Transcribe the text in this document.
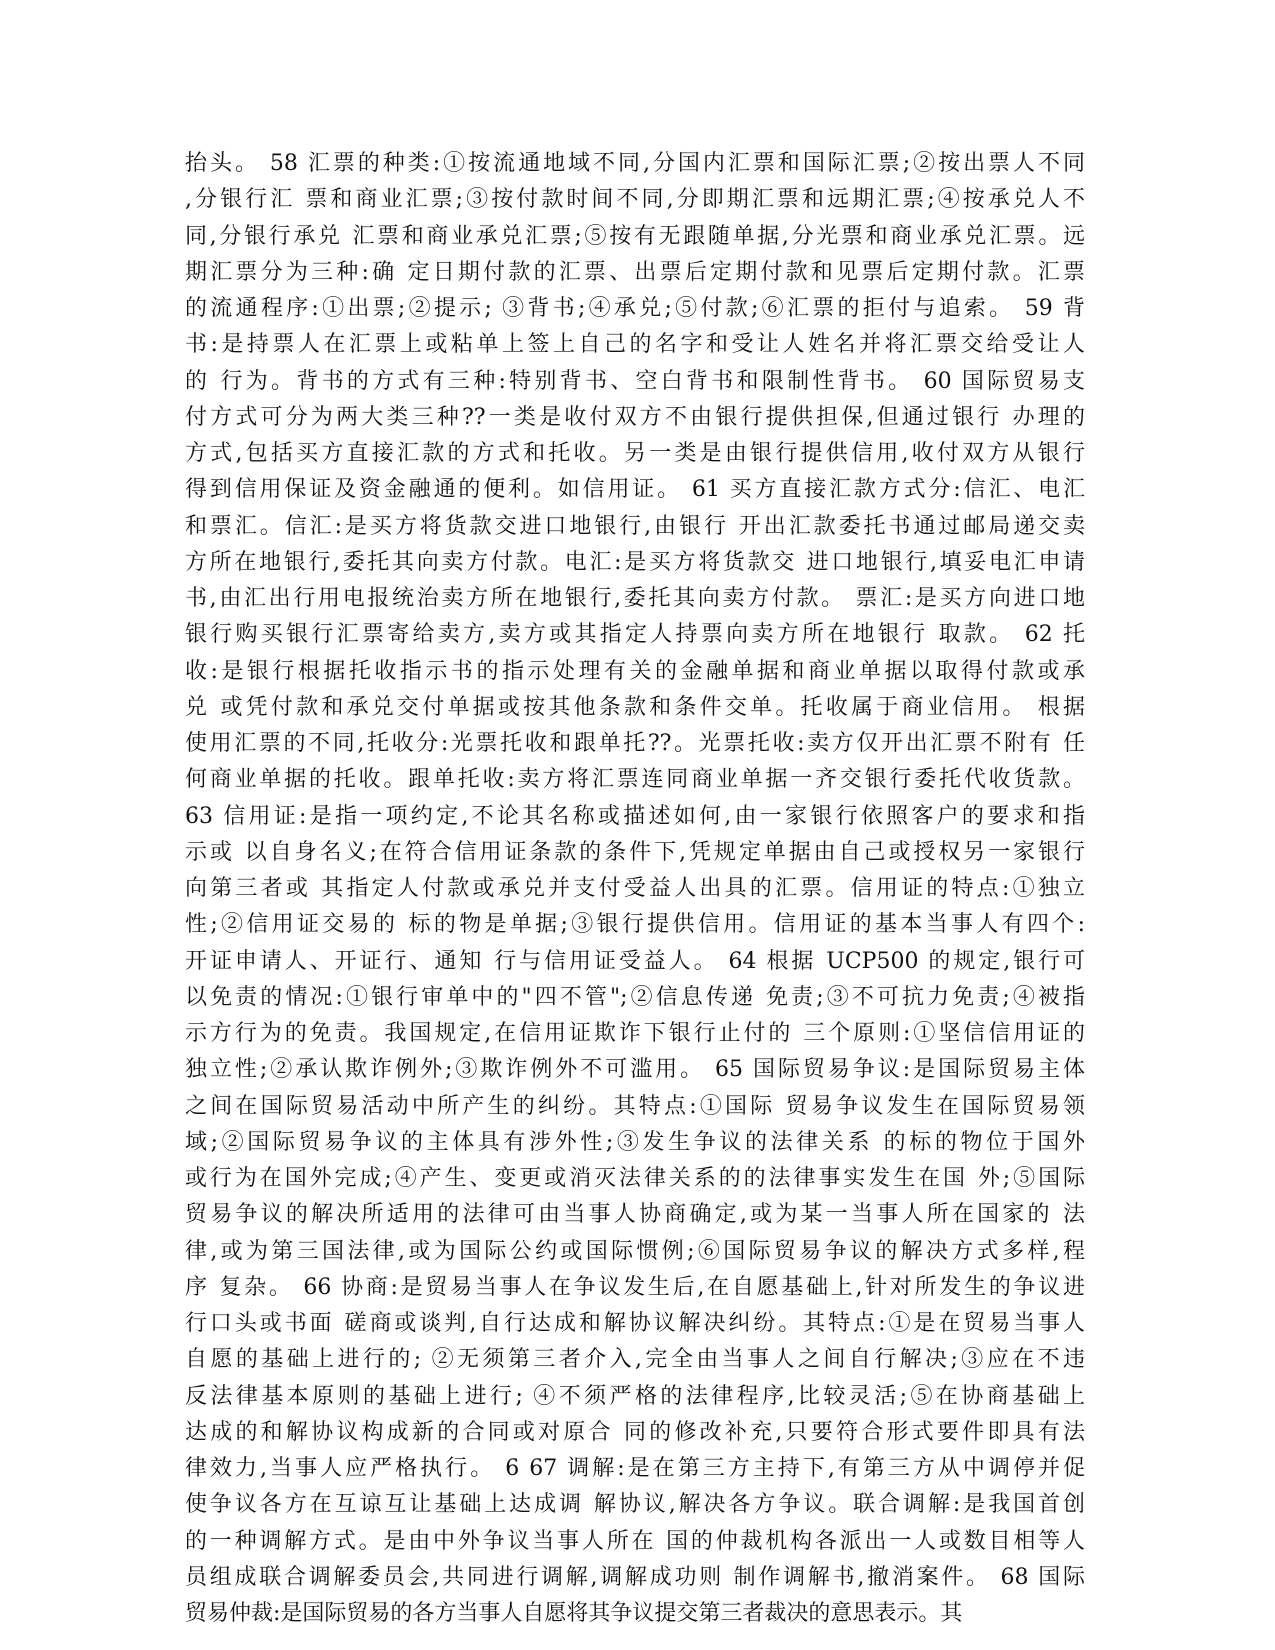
抬头。 58 汇票的种类:①按流通地域不同,分国内汇票和国际汇票;②按出票人不同
,分银行汇 票和商业汇票;③按付款时间不同,分即期汇票和远期汇票;④按承兑人不
同,分银行承兑 汇票和商业承兑汇票;⑤按有无跟随单据,分光票和商业承兑汇票。远
期汇票分为三种:确 定日期付款的汇票、出票后定期付款和见票后定期付款。汇票
的流通程序:①出票;②提示; ③背书;④承兑;⑤付款;⑥汇票的拒付与追索。 59 背
书:是持票人在汇票上或粘单上签上自己的名字和受让人姓名并将汇票交给受让人
的 行为。背书的方式有三种:特别背书、空白背书和限制性背书。 60 国际贸易支
付方式可分为两大类三种??一类是收付双方不由银行提供担保,但通过银行 办理的
方式,包括买方直接汇款的方式和托收。另一类是由银行提供信用,收付双方从银行
得到信用保证及资金融通的便利。如信用证。 61 买方直接汇款方式分:信汇、电汇
和票汇。信汇:是买方将货款交进口地银行,由银行 开出汇款委托书通过邮局递交卖
方所在地银行,委托其向卖方付款。电汇:是买方将货款交 进口地银行,填妥电汇申请
书,由汇出行用电报统治卖方所在地银行,委托其向卖方付款。 票汇:是买方向进口地
银行购买银行汇票寄给卖方,卖方或其指定人持票向卖方所在地银行 取款。 62 托
收:是银行根据托收指示书的指示处理有关的金融单据和商业单据以取得付款或承
兑 或凭付款和承兑交付单据或按其他条款和条件交单。托收属于商业信用。 根据
使用汇票的不同,托收分:光票托收和跟单托??。光票托收:卖方仅开出汇票不附有 任
何商业单据的托收。跟单托收:卖方将汇票连同商业单据一齐交银行委托代收货款。
63 信用证:是指一项约定,不论其名称或描述如何,由一家银行依照客户的要求和指
示或 以自身名义;在符合信用证条款的条件下,凭规定单据由自己或授权另一家银行
向第三者或 其指定人付款或承兑并支付受益人出具的汇票。信用证的特点:①独立
性;②信用证交易的 标的物是单据;③银行提供信用。信用证的基本当事人有四个:
开证申请人、开证行、通知 行与信用证受益人。 64 根据 UCP500 的规定,银行可
以免责的情况:①银行审单中的"四不管";②信息传递 免责;③不可抗力免责;④被指
示方行为的免责。我国规定,在信用证欺诈下银行止付的 三个原则:①坚信信用证的
独立性;②承认欺诈例外;③欺诈例外不可滥用。 65 国际贸易争议:是国际贸易主体
之间在国际贸易活动中所产生的纠纷。其特点:①国际 贸易争议发生在国际贸易领
域;②国际贸易争议的主体具有涉外性;③发生争议的法律关系 的标的物位于国外
或行为在国外完成;④产生、变更或消灭法律关系的的法律事实发生在国 外;⑤国际
贸易争议的解决所适用的法律可由当事人协商确定,或为某一当事人所在国家的 法
律,或为第三国法律,或为国际公约或国际惯例;⑥国际贸易争议的解决方式多样,程
序 复杂。 66 协商:是贸易当事人在争议发生后,在自愿基础上,针对所发生的争议进
行口头或书面 磋商或谈判,自行达成和解协议解决纠纷。其特点:①是在贸易当事人
自愿的基础上进行的; ②无须第三者介入,完全由当事人之间自行解决;③应在不违
反法律基本原则的基础上进行; ④不须严格的法律程序,比较灵活;⑤在协商基础上
达成的和解协议构成新的合同或对原合 同的修改补充,只要符合形式要件即具有法
律效力,当事人应严格执行。 6 67 调解:是在第三方主持下,有第三方从中调停并促
使争议各方在互谅互让基础上达成调 解协议,解决各方争议。联合调解:是我国首创
的一种调解方式。是由中外争议当事人所在 国的仲裁机构各派出一人或数目相等人
员组成联合调解委员会,共同进行调解,调解成功则 制作调解书,撤消案件。 68 国际
贸易仲裁:是国际贸易的各方当事人自愿将其争议提交第三者裁决的意思表示。其
